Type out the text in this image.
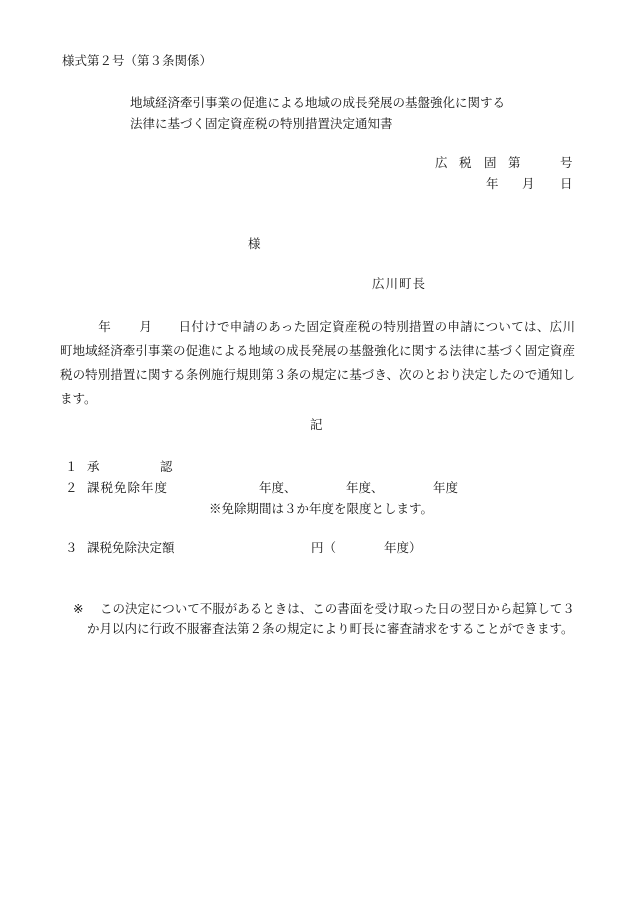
様式第２号（第３条関係）
地域経済牽引事業の促進による地域の成長発展の基盤強化に関する
法律に基づく固定資産税の特別措置決定通知書
広 税 固 第	号
年 月 日
様
広川町長
年 月 日付けで申請のあった固定資産税の特別措置の申請については、広川町地域経済牽引事業の促進による地域の成長発展の基盤強化に関する法律に基づく固定資産税の特別措置に関する条例施行規則第３条の規定に基づき、次のとおり決定したので通知します。
記
１ 承	認
２ 課税免除年度	年度、	年度、	年度
※免除期間は３か年度を限度とします。
３ 課税免除決定額	円（	年度）
※ この決定について不服があるときは、この書面を受け取った日の翌日から起算して３
か月以内に行政不服審査法第２条の規定により町長に審査請求をすることができます。
